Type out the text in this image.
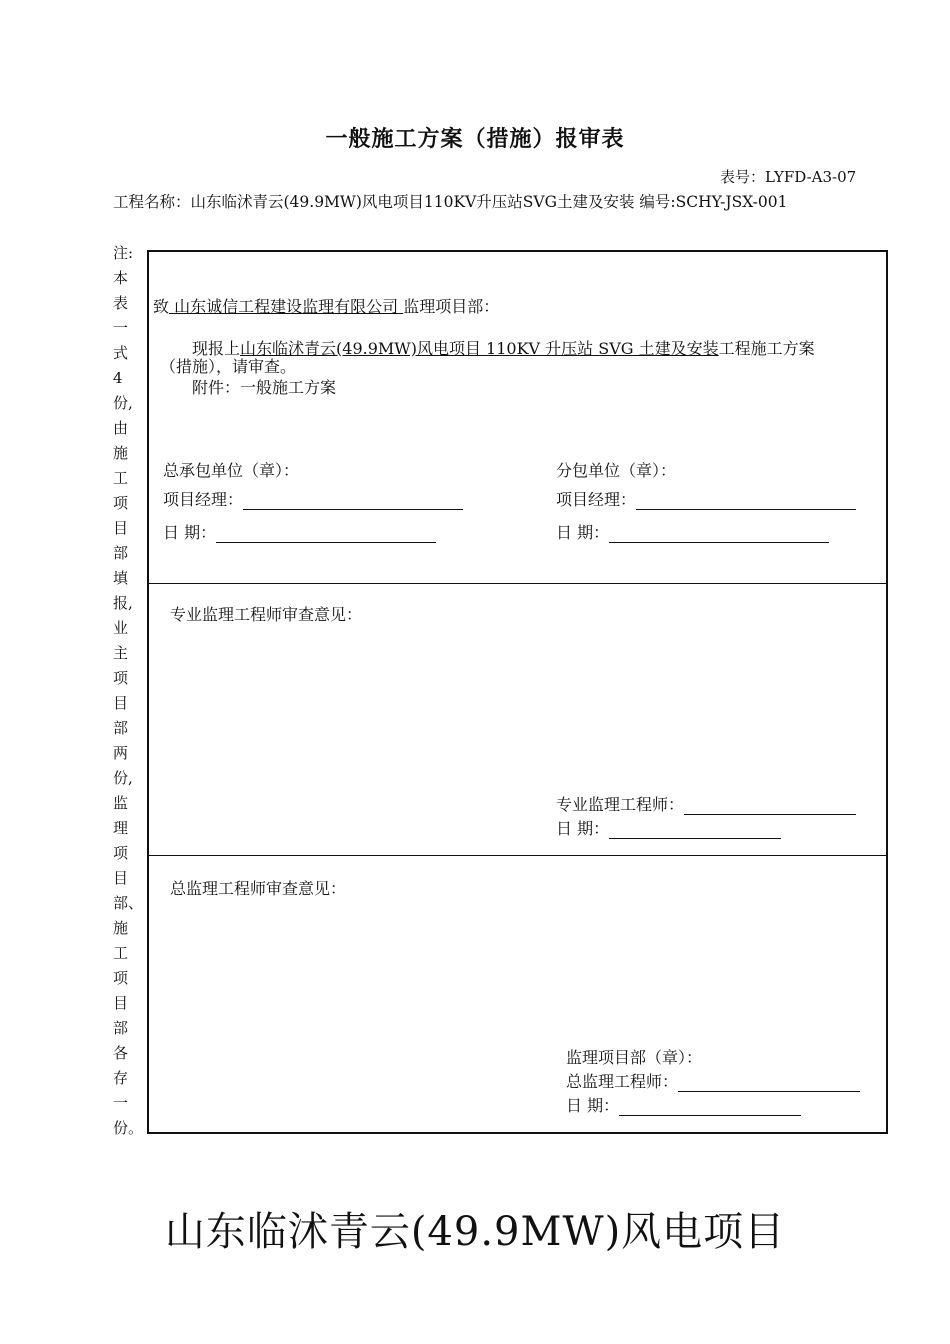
一般施工方案（措施）报审表
表号：LYFD-A3-07
工程名称：山东临沭青云(49.9MW)风电项目110KV升压站SVG土建及安装 编号:SCHY-JSX-001
注:
本
表
一
式
4
份,
由
施
工
项
目
部
填
报,
业
主
项
目
部
两
份,
监
理
项
目
部、
施
工
项
目
部
各
存
一
份。
致 山东诚信工程建设监理有限公司 监理项目部：
现报上山东临沭青云(49.9MW)风电项目 110KV 升压站 SVG 土建及安装工程施工方案
（措施），请审查。
附件：一般施工方案
总承包单位（章）：	分包单位（章）：
项目经理：	项目经理：
日 期：	日 期：
专业监理工程师审查意见：
专业监理工程师：
日 期：
总监理工程师审查意见：
监理项目部（章）：
总监理工程师：
日 期：
山东临沭青云(49.9MW)风电项目
